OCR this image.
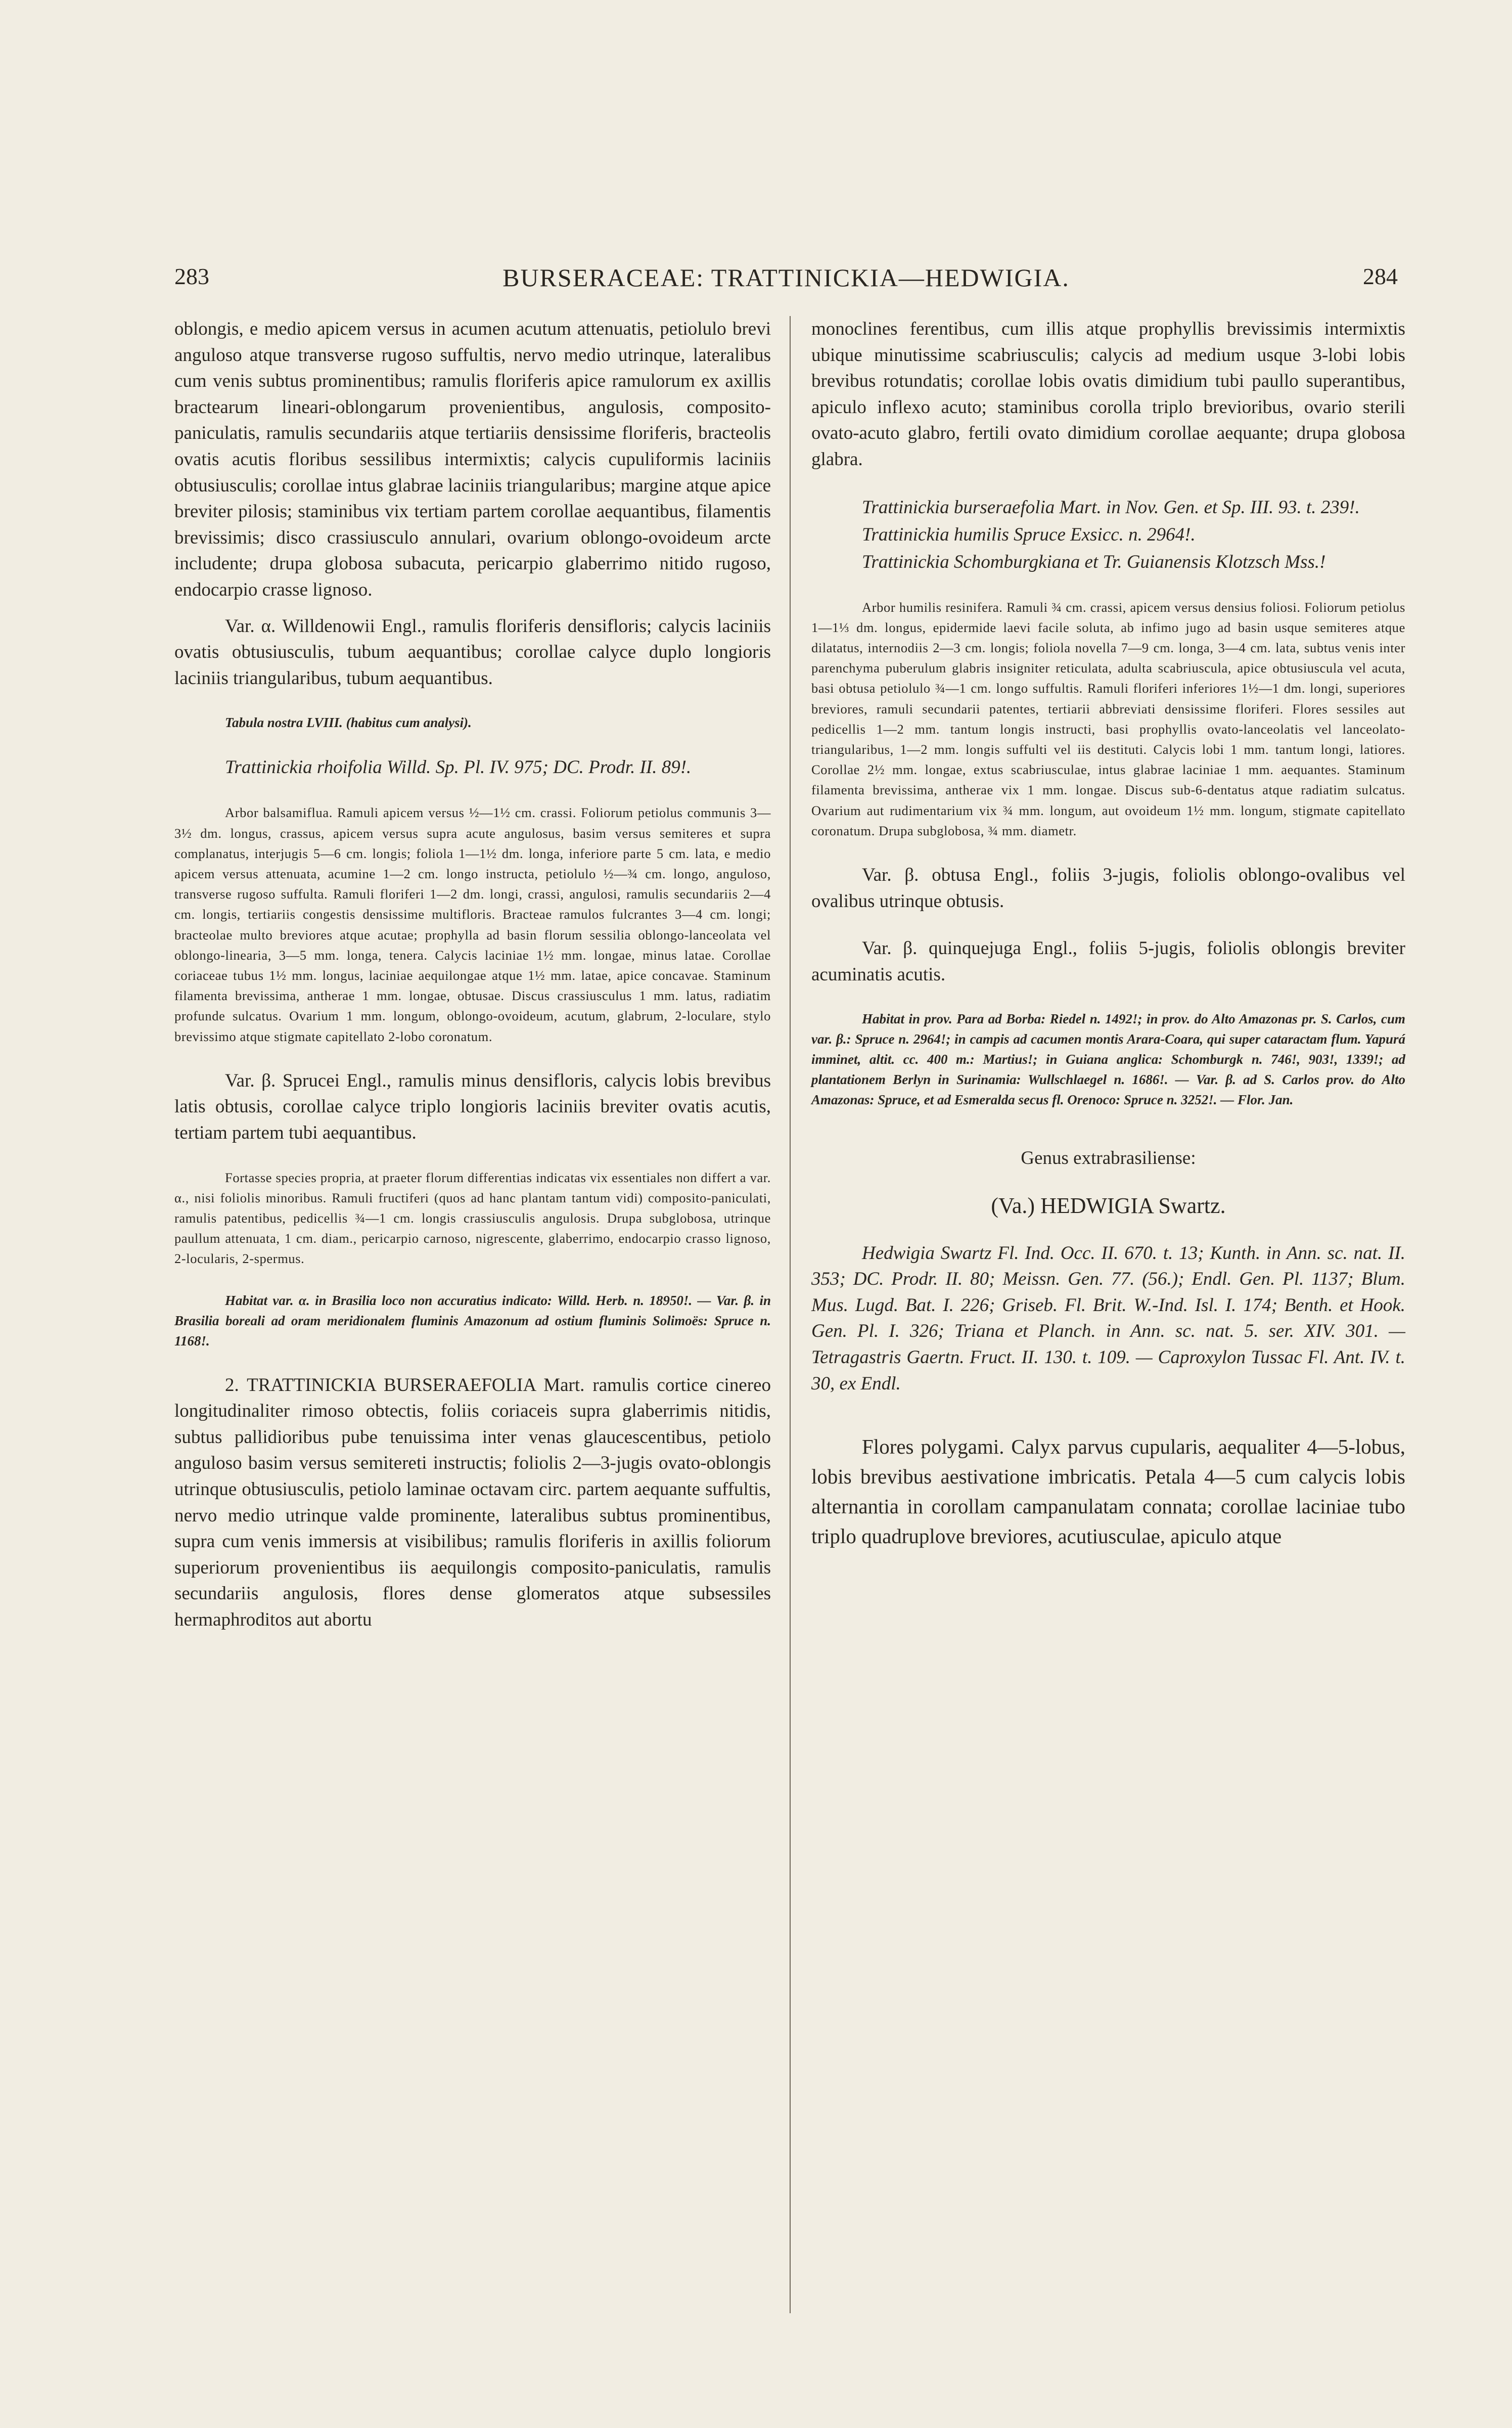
283	BURSERACEAE: TRATTINICKIA—HEDWIGIA.	284

oblongis, e medio apicem versus in acumen acutum attenuatis, petiolulo brevi anguloso atque transverse rugoso suffultis, nervo medio utrinque, lateralibus cum venis subtus prominentibus; ramulis floriferis apice ramulorum ex axillis bractearum lineari-oblongarum provenientibus, angulosis, composito-paniculatis, ramulis secundariis atque tertiariis densissime floriferis, bracteolis ovatis acutis floribus sessilibus intermixtis; calycis cupuliformis laciniis obtusiusculis; corollae intus glabrae laciniis triangularibus; margine atque apice breviter pilosis; staminibus vix tertiam partem corollae aequantibus, filamentis brevissimis; disco crassiusculo annulari, ovarium oblongo-ovoideum arcte includente; drupa globosa subacuta, pericarpio glaberrimo nitido rugoso, endocarpio crasse lignoso.

Var. α. Willdenowii Engl., ramulis floriferis densifloris; calycis laciniis ovatis obtusiusculis, tubum aequantibus; corollae calyce duplo longioris laciniis triangularibus, tubum aequantibus.

Tabula nostra LVIII. (habitus cum analysi).

Trattinickia rhoifolia Willd. Sp. Pl. IV. 975; DC. Prodr. II. 89!.

Arbor balsamiflua. Ramuli apicem versus ½—1½ cm. crassi. Foliorum petiolus communis 3—3½ dm. longus, crassus, apicem versus supra acute angulosus, basim versus semiteres et supra complanatus, interjugis 5—6 cm. longis; foliola 1—1½ dm. longa, inferiore parte 5 cm. lata, e medio apicem versus attenuata, acumine 1—2 cm. longo instructa, petiolulo ½—¾ cm. longo, anguloso, transverse rugoso suffulta. Ramuli floriferi 1—2 dm. longi, crassi, angulosi, ramulis secundariis 2—4 cm. longis, tertiariis congestis densissime multifloris. Bracteae ramulos fulcrantes 3—4 cm. longi; bracteolae multo breviores atque acutae; prophylla ad basin florum sessilia oblongo-lanceolata vel oblongo-linearia, 3—5 mm. longa, tenera. Calycis laciniae 1½ mm. longae, minus latae. Corollae coriaceae tubus 1½ mm. longus, laciniae aequilongae atque 1½ mm. latae, apice concavae. Staminum filamenta brevissima, antherae 1 mm. longae, obtusae. Discus crassiusculus 1 mm. latus, radiatim profunde sulcatus. Ovarium 1 mm. longum, oblongo-ovoideum, acutum, glabrum, 2-loculare, stylo brevissimo atque stigmate capitellato 2-lobo coronatum.

Var. β. Sprucei Engl., ramulis minus densifloris, calycis lobis brevibus latis obtusis, corollae calyce triplo longioris laciniis breviter ovatis acutis, tertiam partem tubi aequantibus.

Fortasse species propria, at praeter florum differentias indicatas vix essentiales non differt a var. α., nisi foliolis minoribus. Ramuli fructiferi (quos ad hanc plantam tantum vidi) composito-paniculati, ramulis patentibus, pedicellis ¾—1 cm. longis crassiusculis angulosis. Drupa subglobosa, utrinque paullum attenuata, 1 cm. diam., pericarpio carnoso, nigrescente, glaberrimo, endocarpio crasso lignoso, 2-locularis, 2-spermus.

Habitat var. α. in Brasilia loco non accuratius indicato: Willd. Herb. n. 18950!. — Var. β. in Brasilia boreali ad oram meridionalem fluminis Amazonum ad ostium fluminis Solimoës: Spruce n. 1168!.

2. TRATTINICKIA BURSERAEFOLIA Mart. ramulis cortice cinereo longitudinaliter rimoso obtectis, foliis coriaceis supra glaberrimis nitidis, subtus pallidioribus pube tenuissima inter venas glaucescentibus, petiolo anguloso basim versus semitereti instructis; foliolis 2—3-jugis ovato-oblongis utrinque obtusiusculis, petiolo laminae octavam circ. partem aequante suffultis, nervo medio utrinque valde prominente, lateralibus subtus prominentibus, supra cum venis immersis at visibilibus; ramulis floriferis in axillis foliorum superiorum provenientibus iis aequilongis composito-paniculatis, ramulis secundariis angulosis, flores dense glomeratos atque subsessiles hermaphroditos aut abortu

monoclines ferentibus, cum illis atque prophyllis brevissimis intermixtis ubique minutissime scabriusculis; calycis ad medium usque 3-lobi lobis brevibus rotundatis; corollae lobis ovatis dimidium tubi paullo superantibus, apiculo inflexo acuto; staminibus corolla triplo brevioribus, ovario sterili ovato-acuto glabro, fertili ovato dimidium corollae aequante; drupa globosa glabra.

Trattinickia burseraefolia Mart. in Nov. Gen. et Sp. III. 93. t. 239!.

Trattinickia humilis Spruce Exsicc. n. 2964!.

Trattinickia Schomburgkiana et Tr. Guianensis Klotzsch Mss.!

Arbor humilis resinifera. Ramuli ¾ cm. crassi, apicem versus densius foliosi. Foliorum petiolus 1—1⅓ dm. longus, epidermide laevi facile soluta, ab infimo jugo ad basin usque semiteres atque dilatatus, internodiis 2—3 cm. longis; foliola novella 7—9 cm. longa, 3—4 cm. lata, subtus venis inter parenchyma puberulum glabris insigniter reticulata, adulta scabriuscula, apice obtusiuscula vel acuta, basi obtusa petiolulo ¾—1 cm. longo suffultis. Ramuli floriferi inferiores 1½—1 dm. longi, superiores breviores, ramuli secundarii patentes, tertiarii abbreviati densissime floriferi. Flores sessiles aut pedicellis 1—2 mm. tantum longis instructi, basi prophyllis ovato-lanceolatis vel lanceolato-triangularibus, 1—2 mm. longis suffulti vel iis destituti. Calycis lobi 1 mm. tantum longi, latiores. Corollae 2½ mm. longae, extus scabriusculae, intus glabrae laciniae 1 mm. aequantes. Staminum filamenta brevissima, antherae vix 1 mm. longae. Discus sub-6-dentatus atque radiatim sulcatus. Ovarium aut rudimentarium vix ¾ mm. longum, aut ovoideum 1½ mm. longum, stigmate capitellato coronatum. Drupa subglobosa, ¾ mm. diametr.

Var. β. obtusa Engl., foliis 3-jugis, foliolis oblongo-ovalibus vel ovalibus utrinque obtusis.

Var. β. quinquejuga Engl., foliis 5-jugis, foliolis oblongis breviter acuminatis acutis.

Habitat in prov. Para ad Borba: Riedel n. 1492!; in prov. do Alto Amazonas pr. S. Carlos, cum var. β.: Spruce n. 2964!; in campis ad cacumen montis Arara-Coara, qui super cataractam flum. Yapurá imminet, altit. cc. 400 m.: Martius!; in Guiana anglica: Schomburgk n. 746!, 903!, 1339!; ad plantationem Berlyn in Surinamia: Wullschlaegel n. 1686!. — Var. β. ad S. Carlos prov. do Alto Amazonas: Spruce, et ad Esmeralda secus fl. Orenoco: Spruce n. 3252!. — Flor. Jan.

Genus extrabrasiliense:

(Va.) HEDWIGIA Swartz.

Hedwigia Swartz Fl. Ind. Occ. II. 670. t. 13; Kunth. in Ann. sc. nat. II. 353; DC. Prodr. II. 80; Meissn. Gen. 77. (56.); Endl. Gen. Pl. 1137; Blum. Mus. Lugd. Bat. I. 226; Griseb. Fl. Brit. W.-Ind. Isl. I. 174; Benth. et Hook. Gen. Pl. I. 326; Triana et Planch. in Ann. sc. nat. 5. ser. XIV. 301. — Tetragastris Gaertn. Fruct. II. 130. t. 109. — Caproxylon Tussac Fl. Ant. IV. t. 30, ex Endl.

Flores polygami. Calyx parvus cupularis, aequaliter 4—5-lobus, lobis brevibus aestivatione imbricatis. Petala 4—5 cum calycis lobis alternantia in corollam campanulatam connata; corollae laciniae tubo triplo quadruplove breviores, acutiusculae, apiculo atque
